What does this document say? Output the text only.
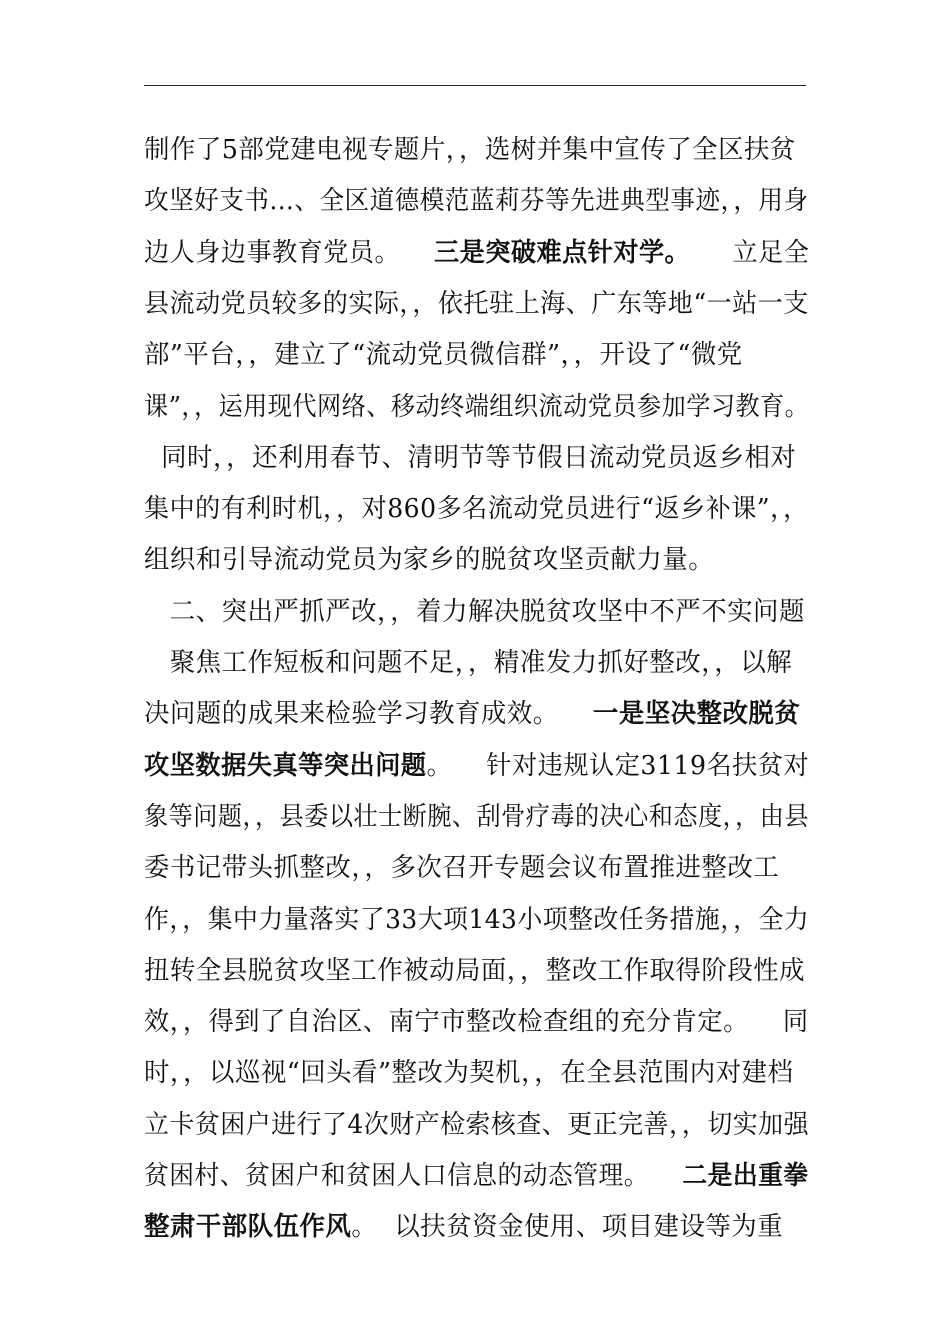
制作了5部党建电视专题片，，选树并集中宣传了全区扶贫
攻坚好支书…、全区道德模范蓝莉芬等先进典型事迹，，用身
边人身边事教育党员。    三是突破难点针对学。     立足全
县流动党员较多的实际，，依托驻上海、广东等地“一站一支
部”平台，，建立了“流动党员微信群”，，开设了“微党
课”，，运用现代网络、移动终端组织流动党员参加学习教育。
同时，，还利用春节、清明节等节假日流动党员返乡相对
集中的有利时机，，对860多名流动党员进行“返乡补课”，，
组织和引导流动党员为家乡的脱贫攻坚贡献力量。
二、突出严抓严改，，着力解决脱贫攻坚中不严不实问题
聚焦工作短板和问题不足，，精准发力抓好整改，，以解
决问题的成果来检验学习教育成效。    一是坚决整改脱贫
攻坚数据失真等突出问题。    针对违规认定3119名扶贫对
象等问题，，县委以壮士断腕、刮骨疗毒的决心和态度，，由县
委书记带头抓整改，，多次召开专题会议布置推进整改工
作，，集中力量落实了33大项143小项整改任务措施，，全力
扭转全县脱贫攻坚工作被动局面，，整改工作取得阶段性成
效，，得到了自治区、南宁市整改检查组的充分肯定。    同
时，，以巡视“回头看”整改为契机，，在全县范围内对建档
立卡贫困户进行了4次财产检索核查、更正完善，，切实加强
贫困村、贫困户和贫困人口信息的动态管理。    二是出重拳
整肃干部队伍作风。  以扶贫资金使用、项目建设等为重
